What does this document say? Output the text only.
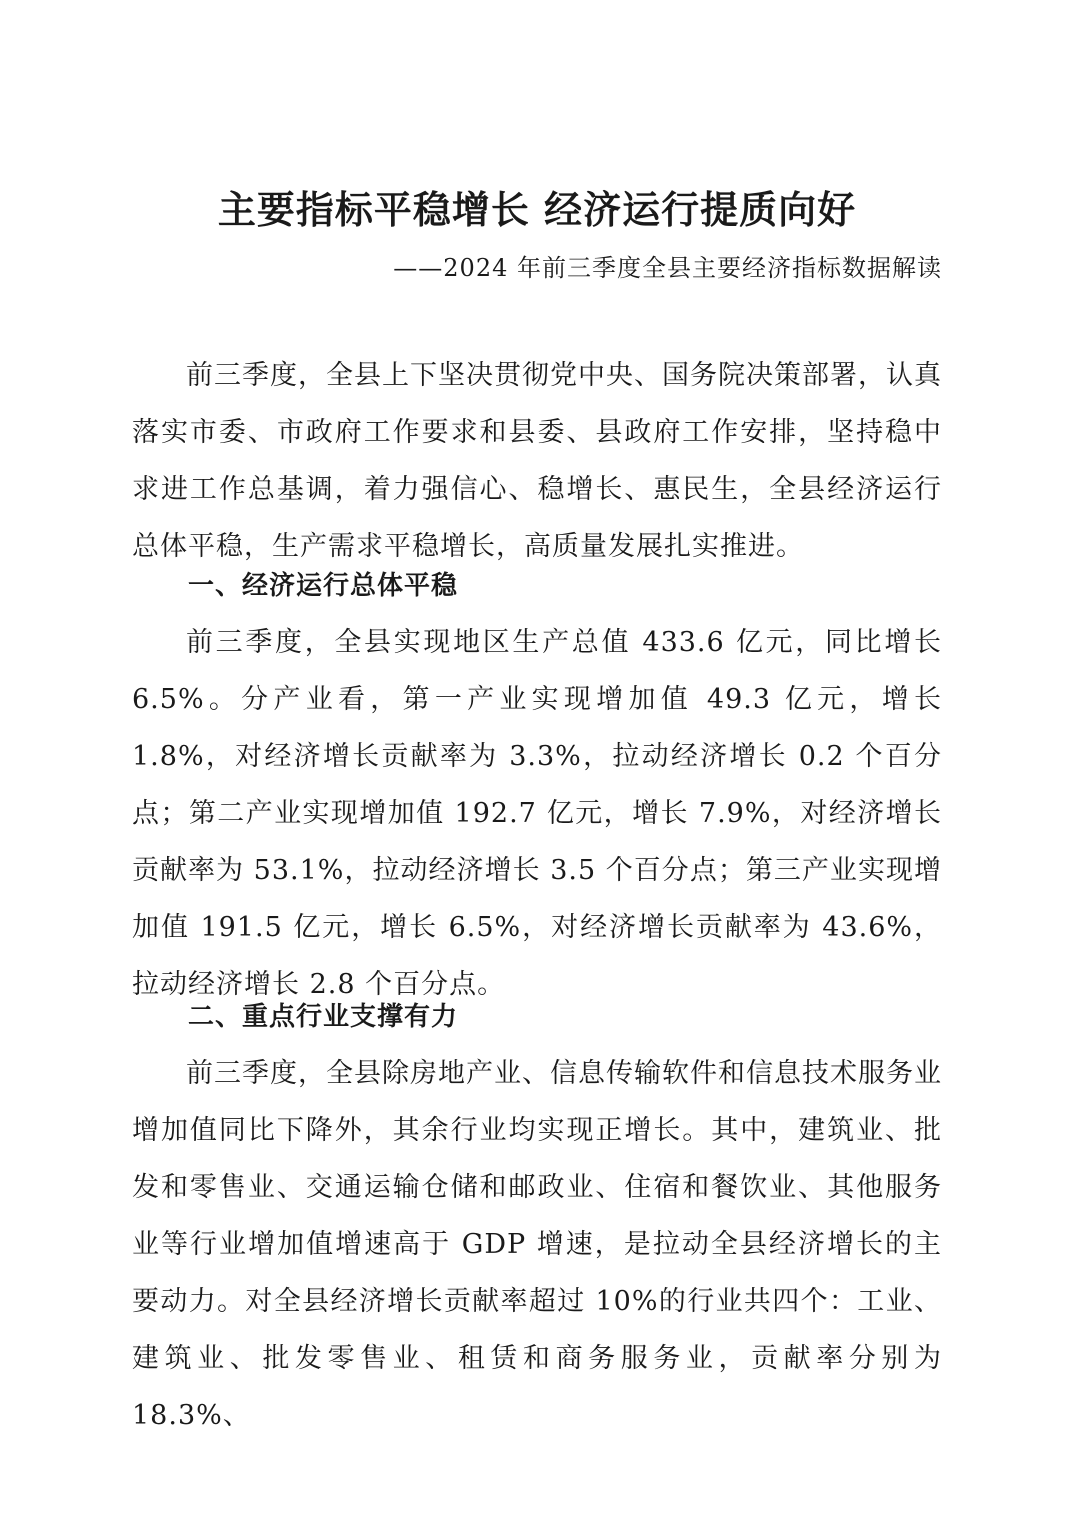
主要指标平稳增长 经济运行提质向好
——2024 年前三季度全县主要经济指标数据解读

前三季度，全县上下坚决贯彻党中央、国务院决策部署，认真落实市委、市政府工作要求和县委、县政府工作安排，坚持稳中求进工作总基调，着力强信心、稳增长、惠民生，全县经济运行总体平稳，生产需求平稳增长，高质量发展扎实推进。

一、经济运行总体平稳

前三季度，全县实现地区生产总值 433.6 亿元，同比增长 6.5%。分产业看，第一产业实现增加值 49.3 亿元，增长 1.8%，对经济增长贡献率为 3.3%，拉动经济增长 0.2 个百分点；第二产业实现增加值 192.7 亿元，增长 7.9%，对经济增长贡献率为 53.1%，拉动经济增长 3.5 个百分点；第三产业实现增加值 191.5 亿元，增长 6.5%，对经济增长贡献率为 43.6%，拉动经济增长 2.8 个百分点。

二、重点行业支撑有力

前三季度，全县除房地产业、信息传输软件和信息技术服务业增加值同比下降外，其余行业均实现正增长。其中，建筑业、批发和零售业、交通运输仓储和邮政业、住宿和餐饮业、其他服务业等行业增加值增速高于 GDP 增速，是拉动全县经济增长的主要动力。对全县经济增长贡献率超过 10%的行业共四个：工业、建筑业、批发零售业、租赁和商务服务业，贡献率分别为 18.3%、
